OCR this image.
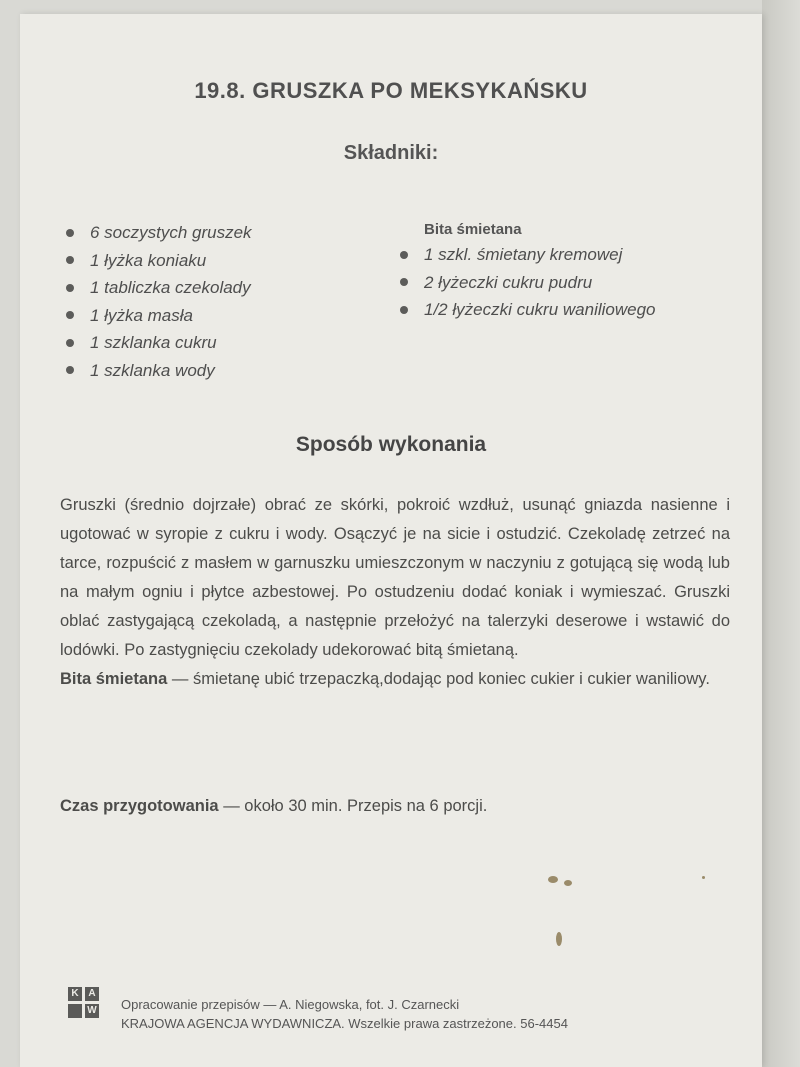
19.8. GRUSZKA PO MEKSYKAŃSKU
Składniki:
6 soczystych gruszek
1 łyżka koniaku
1 tabliczka czekolady
1 łyżka masła
1 szklanka cukru
1 szklanka wody
Bita śmietana
1 szkl. śmietany kremowej
2 łyżeczki cukru pudru
1/2 łyżeczki cukru waniliowego
Sposób wykonania

Gruszki (średnio dojrzałe) obrać ze skórki, pokroić wzdłuż, usunąć gniazda nasienne i ugotować w syropie z cukru i wody. Osączyć je na sicie i ostudzić. Czekoladę zetrzeć na tarce, rozpuścić z masłem w garnuszku umieszczonym w naczyniu z gotującą się wodą lub na małym ogniu i płytce azbestowej. Po ostudzeniu dodać koniak i wymieszać. Gruszki oblać zastygającą czekoladą, a następnie przełożyć na talerzyki deserowe i wstawić do lodówki. Po zastygnięciu czekolady udekorować bitą śmietaną.

Bita śmietana — śmietanę ubić trzepaczką,dodając pod koniec cukier i cukier waniliowy.

Czas przygotowania — około 30 min. Przepis na 6 porcji.
K A
W Opracowanie przepisów — A. Niegowska, fot. J. Czarnecki
KRAJOWA AGENCJA WYDAWNICZA. Wszelkie prawa zastrzeżone. 56-4454
